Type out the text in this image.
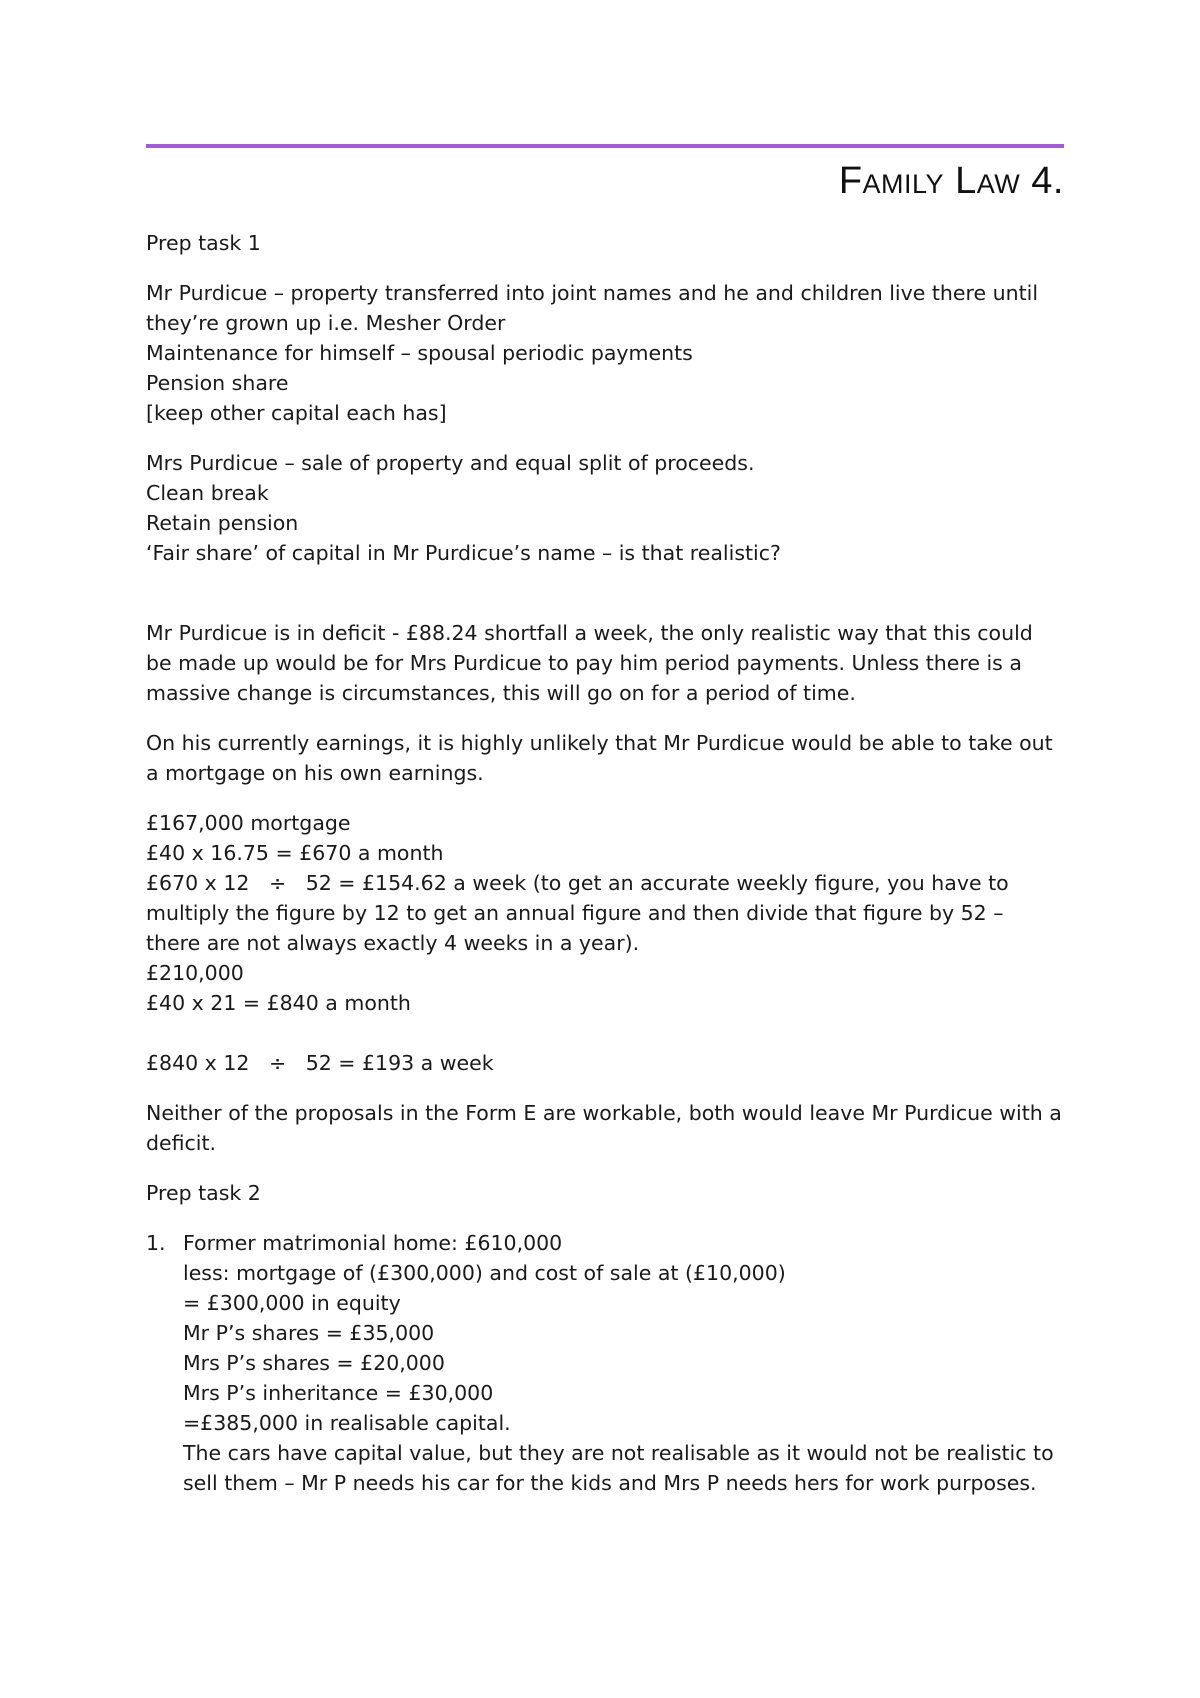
Family Law 4.

Prep task 1

Mr Purdicue – property transferred into joint names and he and children live there until they’re grown up i.e. Mesher Order

Maintenance for himself – spousal periodic payments

Pension share

[keep other capital each has]

Mrs Purdicue – sale of property and equal split of proceeds.

Clean break

Retain pension

‘Fair share’ of capital in Mr Purdicue’s name – is that realistic?

Mr Purdicue is in deficit - £88.24 shortfall a week, the only realistic way that this could be made up would be for Mrs Purdicue to pay him period payments. Unless there is a massive change is circumstances, this will go on for a period of time.

On his currently earnings, it is highly unlikely that Mr Purdicue would be able to take out a mortgage on his own earnings.

£167,000 mortgage

£40 x 16.75 = £670 a month

£670 x 12   ÷   52 = £154.62 a week (to get an accurate weekly figure, you have to multiply the figure by 12 to get an annual figure and then divide that figure by 52 – there are not always exactly 4 weeks in a year).

£210,000

£40 x 21 = £840 a month

£840 x 12   ÷   52 = £193 a week

Neither of the proposals in the Form E are workable, both would leave Mr Purdicue with a deficit.

Prep task 2

1. Former matrimonial home: £610,000
less: mortgage of (£300,000) and cost of sale at (£10,000)
= £300,000 in equity
Mr P’s shares = £35,000
Mrs P’s shares = £20,000
Mrs P’s inheritance = £30,000
=£385,000 in realisable capital.
The cars have capital value, but they are not realisable as it would not be realistic to sell them – Mr P needs his car for the kids and Mrs P needs hers for work purposes.
